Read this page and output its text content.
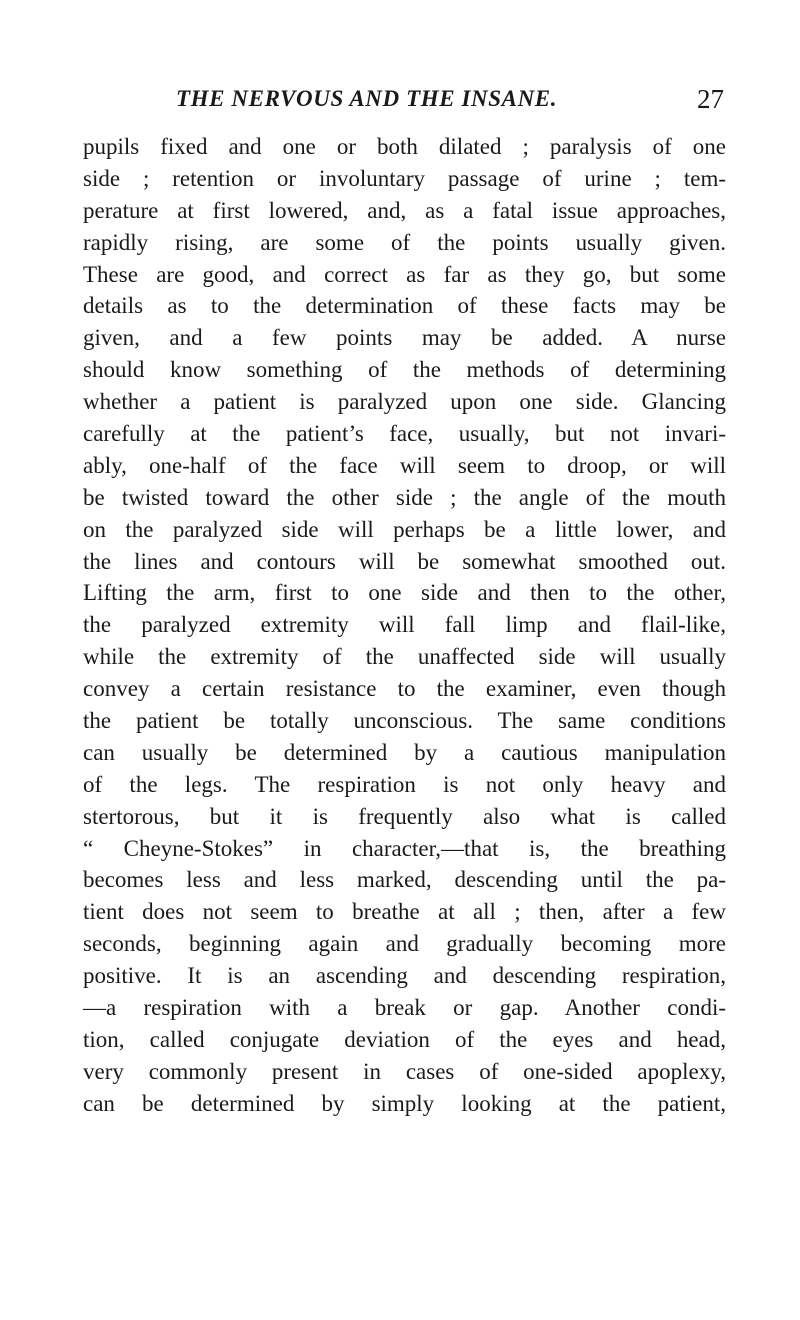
THE NERVOUS AND THE INSANE.	27
pupils fixed and one or both dilated ; paralysis of one
side ; retention or involuntary passage of urine ; tem-
perature at first lowered, and, as a fatal issue approaches,
rapidly rising, are some of the points usually given.
These are good, and correct as far as they go, but some
details as to the determination of these facts may be
given, and a few points may be added. A nurse
should know something of the methods of determining
whether a patient is paralyzed upon one side. Glancing
carefully at the patient’s face, usually, but not invari-
ably, one-half of the face will seem to droop, or will
be twisted toward the other side ; the angle of the mouth
on the paralyzed side will perhaps be a little lower, and
the lines and contours will be somewhat smoothed out.
Lifting the arm, first to one side and then to the other,
the paralyzed extremity will fall limp and flail-like,
while the extremity of the unaffected side will usually
convey a certain resistance to the examiner, even though
the patient be totally unconscious. The same conditions
can usually be determined by a cautious manipulation
of the legs. The respiration is not only heavy and
stertorous, but it is frequently also what is called
“ Cheyne-Stokes” in character,—that is, the breathing
becomes less and less marked, descending until the pa-
tient does not seem to breathe at all ; then, after a few
seconds, beginning again and gradually becoming more
positive. It is an ascending and descending respiration,
—a respiration with a break or gap. Another condi-
tion, called conjugate deviation of the eyes and head,
very commonly present in cases of one-sided apoplexy,
can be determined by simply looking at the patient,
